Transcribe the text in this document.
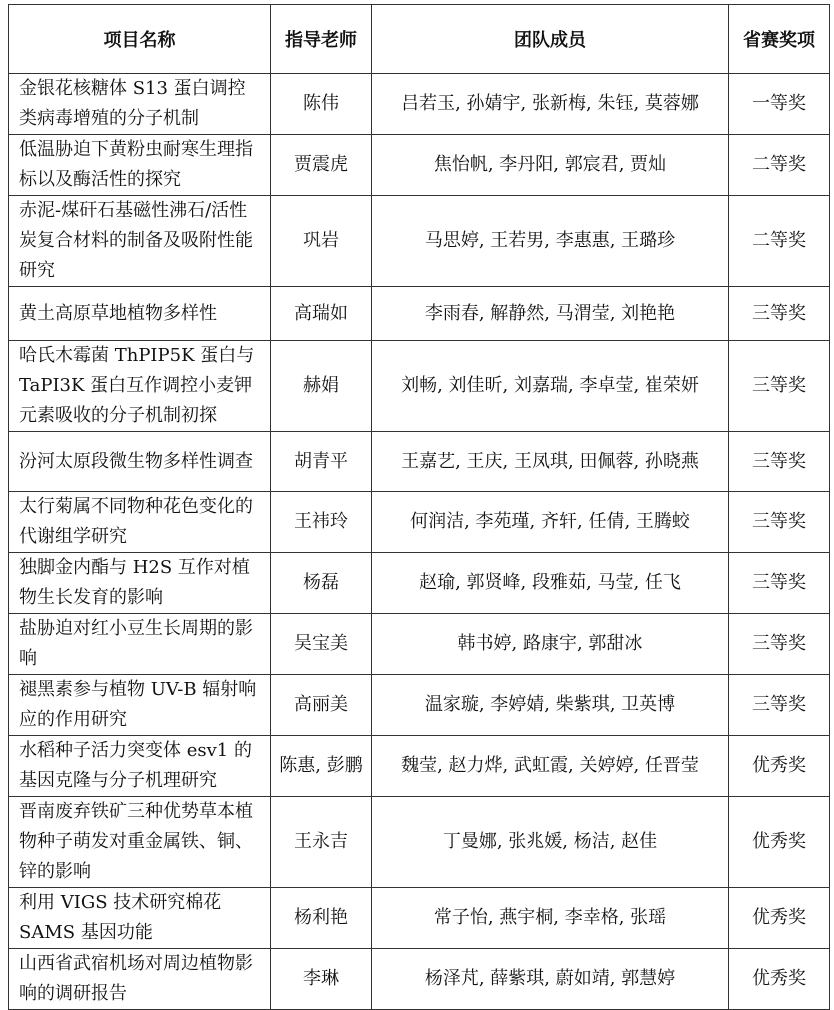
项目名称	指导老师	团队成员	省赛奖项
金银花核糖体 S13 蛋白调控类病毒增殖的分子机制	陈伟	吕若玉, 孙婧宇, 张新梅, 朱钰, 莫蓉娜	一等奖
低温胁迫下黄粉虫耐寒生理指标以及酶活性的探究	贾震虎	焦怡帆, 李丹阳, 郭宸君, 贾灿	二等奖
赤泥-煤矸石基磁性沸石/活性炭复合材料的制备及吸附性能研究	巩岩	马思婷, 王若男, 李惠惠, 王璐珍	二等奖
黄土高原草地植物多样性	高瑞如	李雨春, 解静然, 马渭莹, 刘艳艳	三等奖
哈氏木霉菌 ThPIP5K 蛋白与 TaPI3K 蛋白互作调控小麦钾元素吸收的分子机制初探	赫娟	刘畅, 刘佳昕, 刘嘉瑞, 李卓莹, 崔荣妍	三等奖
汾河太原段微生物多样性调查	胡青平	王嘉艺, 王庆, 王凤琪, 田佩蓉, 孙晓燕	三等奖
太行菊属不同物种花色变化的代谢组学研究	王祎玲	何润洁, 李苑瑾, 齐轩, 任倩, 王腾蛟	三等奖
独脚金内酯与 H2S 互作对植物生长发育的影响	杨磊	赵瑜, 郭贤峰, 段雅茹, 马莹, 任飞	三等奖
盐胁迫对红小豆生长周期的影响	吴宝美	韩书婷, 路康宇, 郭甜冰	三等奖
褪黑素参与植物 UV-B 辐射响应的作用研究	高丽美	温家璇, 李婷婧, 柴紫琪, 卫英博	三等奖
水稻种子活力突变体 esv1 的基因克隆与分子机理研究	陈惠, 彭鹏	魏莹, 赵力烨, 武虹霞, 关婷婷, 任晋莹	优秀奖
晋南废弃铁矿三种优势草本植物种子萌发对重金属铁、铜、锌的影响	王永吉	丁曼娜, 张兆媛, 杨洁, 赵佳	优秀奖
利用 VIGS 技术研究棉花 SAMS 基因功能	杨利艳	常子怡, 燕宇桐, 李幸格, 张瑶	优秀奖
山西省武宿机场对周边植物影响的调研报告	李琳	杨泽芃, 薛紫琪, 蔚如靖, 郭慧婷	优秀奖
